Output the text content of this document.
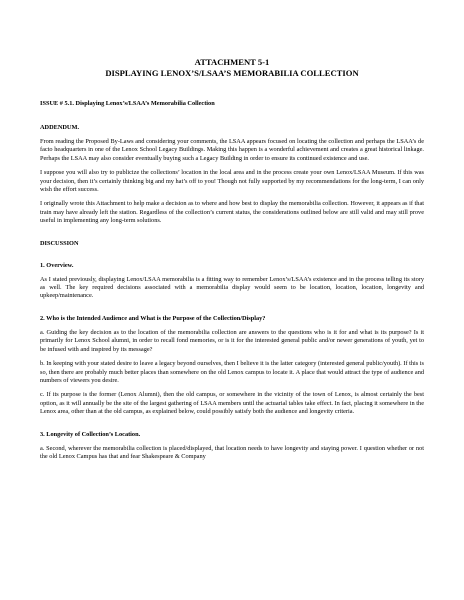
ATTACHMENT 5-1

DISPLAYING LENOX’S/LSAA’S MEMORABILIA COLLECTION

ISSUE # 5.1. Displaying Lenox’s/LSAA’s Memorabilia Collection

ADDENDUM.

From reading the Proposed By-Laws and considering your comments, the LSAA appears focused on locating the collection and perhaps the LSAA’s de facto headquarters in one of the Lenox School Legacy Buildings. Making this happen is a wonderful achievement and creates a great historical linkage. Perhaps the LSAA may also consider eventually buying such a Legacy Building in order to ensure its continued existence and use.

I suppose you will also try to publicize the collections’ location in the local area and in the process create your own Lenox/LSAA Museum. If this was your decision, then it’s certainly thinking big and my hat’s off to you! Though not fully supported by my recommendations for the long-term, I can only wish the effort success.

I originally wrote this Attachment to help make a decision as to where and how best to display the memorabilia collection. However, it appears as if that train may have already left the station. Regardless of the collection’s current status, the considerations outlined below are still valid and may still prove useful in implementing any long-term solutions.

DISCUSSION

1. Overview.

As I stated previously, displaying Lenox/LSAA memorabilia is a fitting way to remember Lenox’s/LSAA’s existence and in the process telling its story as well. The key required decisions associated with a memorabilia display would seem to be location, location, location, longevity and upkeep/maintenance.

2. Who is the Intended Audience and What is the Purpose of the Collection/Display?

a. Guiding the key decision as to the location of the memorabilia collection are answers to the questions who is it for and what is its purpose? Is it primarily for Lenox School alumni, in order to recall fond memories, or is it for the interested general public and/or newer generations of youth, yet to be infused with and inspired by its message?

b. In keeping with your stated desire to leave a legacy beyond ourselves, then I believe it is the latter category (interested general public/youth). If this is so, then there are probably much better places than somewhere on the old Lenox campus to locate it. A place that would attract the type of audience and numbers of viewers you desire.

c. If its purpose is the former (Lenox Alumni), then the old campus, or somewhere in the vicinity of the town of Lenox, is almost certainly the best option, as it will annually be the site of the largest gathering of LSAA members until the actuarial tables take effect. In fact, placing it somewhere in the Lenox area, other than at the old campus, as explained below, could possibly satisfy both the audience and longevity criteria.

3. Longevity of Collection’s Location.

a. Second, wherever the memorabilia collection is placed/displayed, that location needs to have longevity and staying power. I question whether or not the old Lenox Campus has that and fear Shakespeare & Company
